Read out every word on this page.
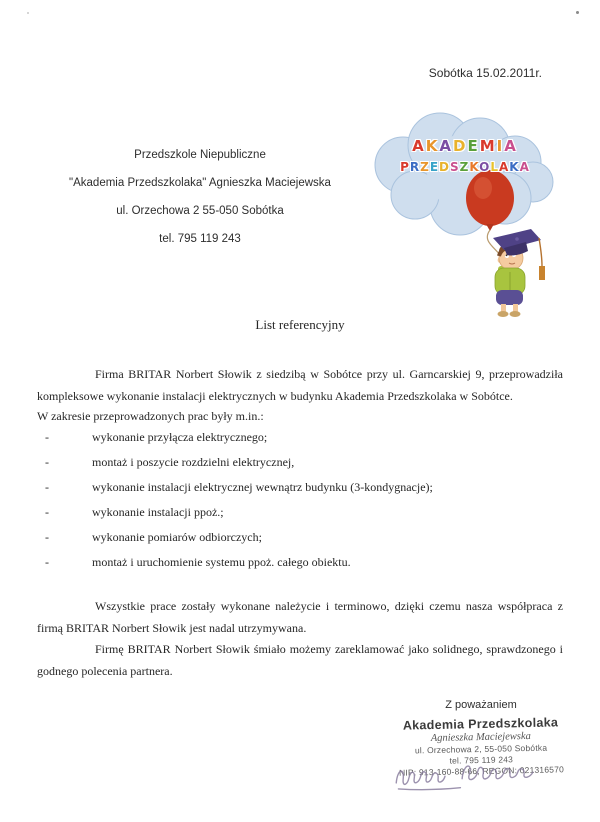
Sobótka 15.02.2011r.
Przedszkole Niepubliczne
"Akademia Przedszkolaka" Agnieszka Maciejewska
ul. Orzechowa 2 55-050 Sobótka
tel. 795 119 243
AKADEMIA
PRZEDSZKOLAKA
List referencyjny

Firma BRITAR Norbert Słowik z siedzibą w Sobótce przy ul. Garncarskiej 9, przeprowadziła kompleksowe wykonanie instalacji elektrycznych w budynku Akademia Przedszkolaka w Sobótce.

W zakresie przeprowadzonych prac były m.in.:
-	wykonanie przyłącza elektrycznego;
-	montaż i poszycie rozdzielni elektrycznej,
-	wykonanie instalacji elektrycznej wewnątrz budynku (3-kondygnacje);
-	wykonanie instalacji ppoż.;
-	wykonanie pomiarów odbiorczych;
-	montaż i uruchomienie systemu ppoż. całego obiektu.

Wszystkie prace zostały wykonane należycie i terminowo, dzięki czemu nasza współpraca z firmą BRITAR Norbert Słowik jest nadal utrzymywana.

Firmę BRITAR Norbert Słowik śmiało możemy zareklamować jako solidnego, sprawdzonego i godnego polecenia partnera.

Z poważaniem
Akademia Przedszkolaka
Agnieszka Maciejewska
ul. Orzechowa 2, 55-050 Sobótka
tel. 795 119 243
NIP: 913-160-88-66, REGON: 021316570
